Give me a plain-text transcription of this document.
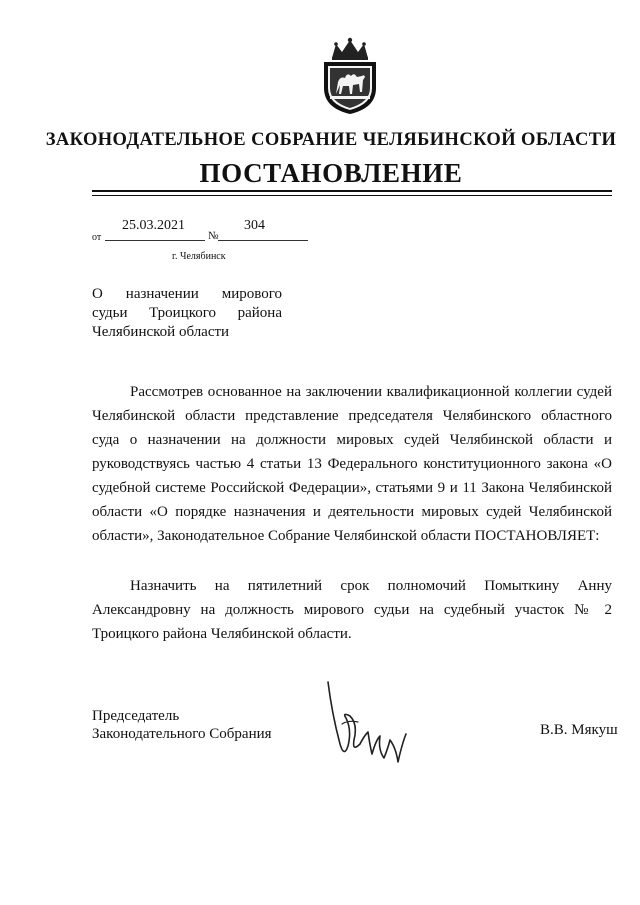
ЗАКОНОДАТЕЛЬНОЕ СОБРАНИЕ ЧЕЛЯБИНСКОЙ ОБЛАСТИ
ПОСТАНОВЛЕНИЕ
от
25.03.2021
№
304
г. Челябинск
О назначении мирового судьи Троицкого района Челябинской области

Рассмотрев основанное на заключении квалификационной коллегии судей Челябинской области представление председателя Челябинского областного суда о назначении на должности мировых судей Челябинской области и руководствуясь частью 4 статьи 13 Федерального конституционного закона «О судебной системе Российской Федерации», статьями 9 и 11 Закона Челябинской области «О порядке назначения и деятельности мировых судей Челябинской области», Законодательное Собрание Челябинской области ПОСТАНОВЛЯЕТ:

Назначить на пятилетний срок полномочий Помыткину Анну Александровну на должность мирового судьи на судебный участок № 2 Троицкого района Челябинской области.

Председатель
Законодательного Собрания	В.В. Мякуш
